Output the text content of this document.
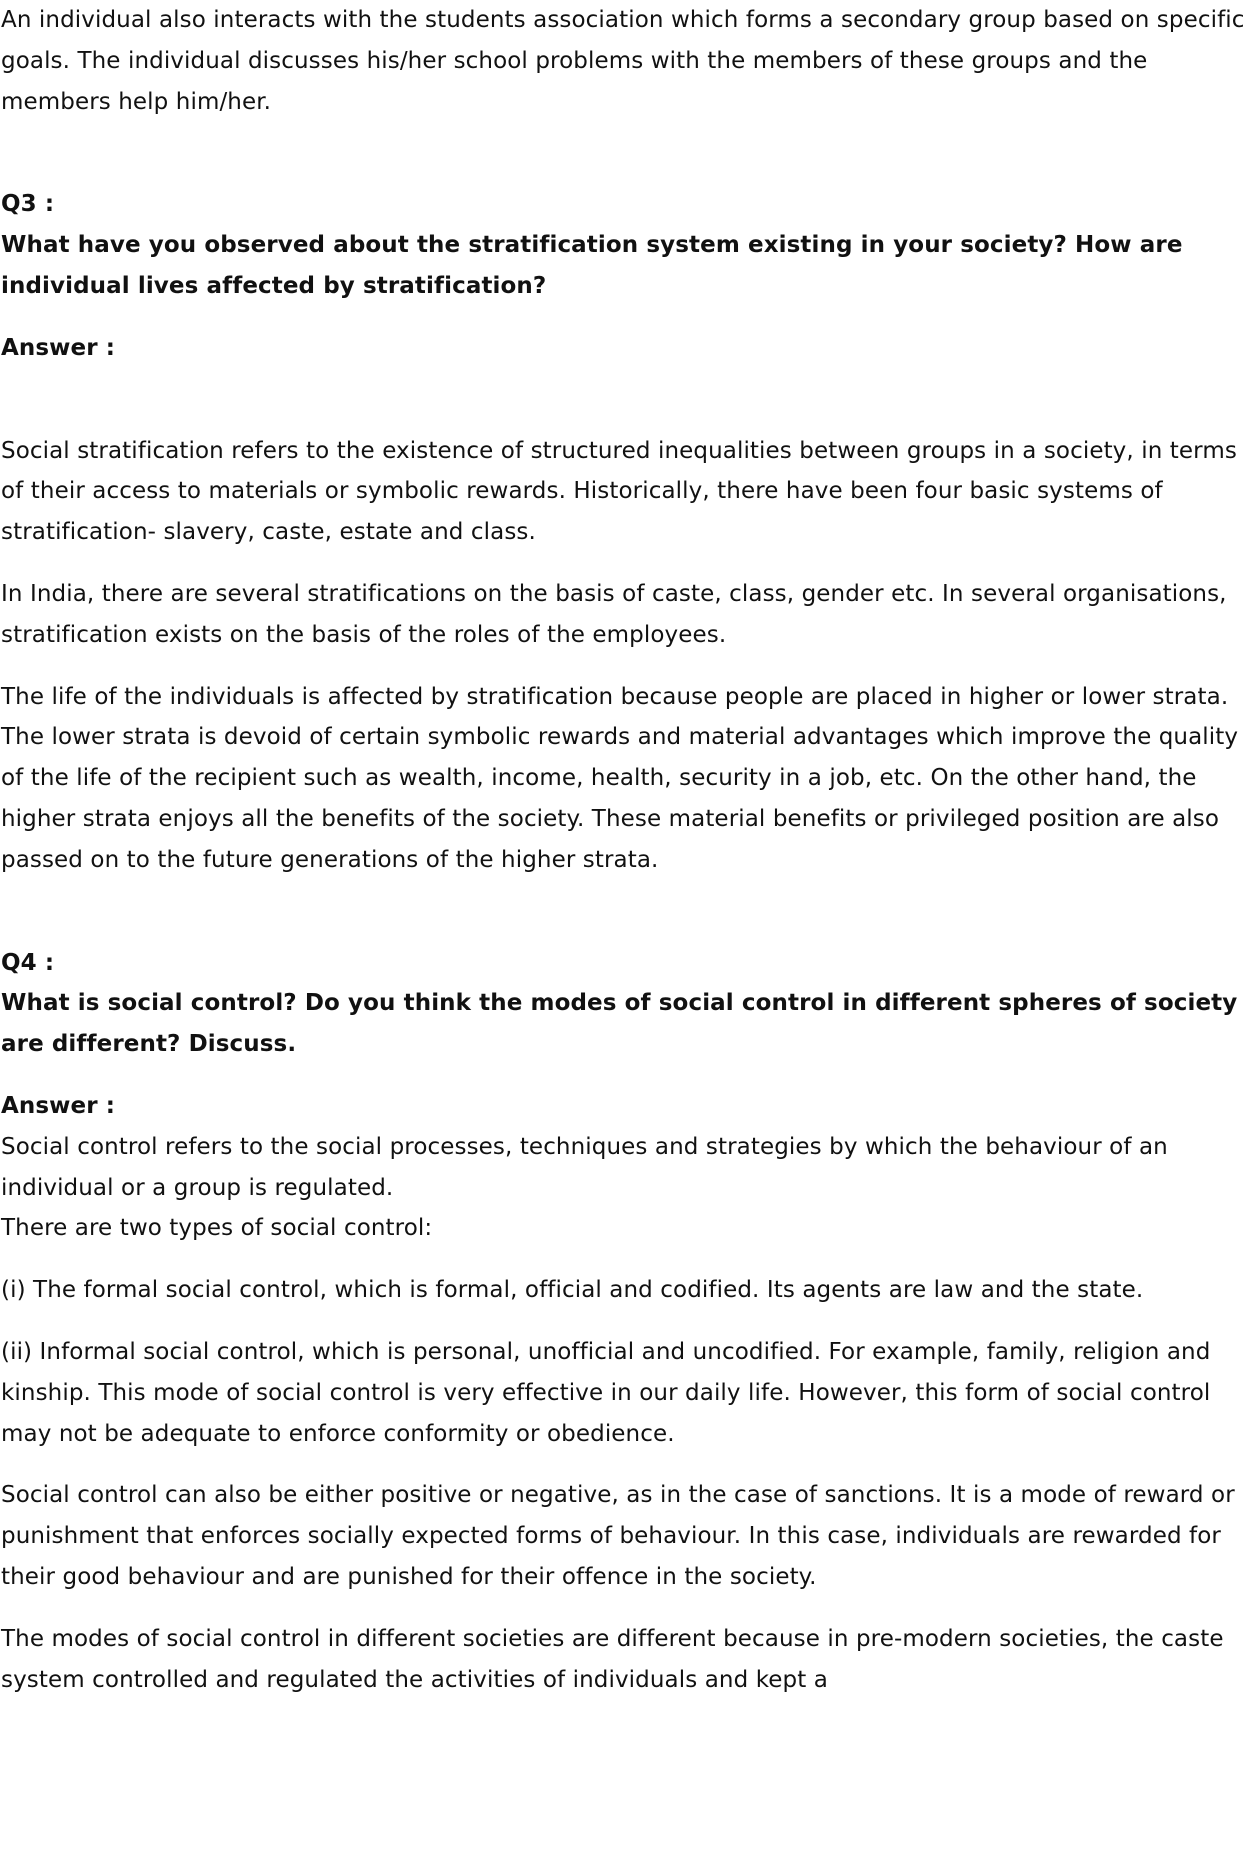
An individual also interacts with the students association which forms a secondary group based on specific goals. The individual discusses his/her school problems with the members of these groups and the members help him/her.

Q3 :

What have you observed about the stratification system existing in your society? How are individual lives affected by stratification?

Answer :

Social stratification refers to the existence of structured inequalities between groups in a society, in terms of their access to materials or symbolic rewards. Historically, there have been four basic systems of stratification- slavery, caste, estate and class.

In India, there are several stratifications on the basis of caste, class, gender etc. In several organisations, stratification exists on the basis of the roles of the employees.

The life of the individuals is affected by stratification because people are placed in higher or lower strata. The lower strata is devoid of certain symbolic rewards and material advantages which improve the quality of the life of the recipient such as wealth, income, health, security in a job, etc. On the other hand, the higher strata enjoys all the benefits of the society. These material benefits or privileged position are also passed on to the future generations of the higher strata.

Q4 :

What is social control? Do you think the modes of social control in different spheres of society are different? Discuss.

Answer :

Social control refers to the social processes, techniques and strategies by which the behaviour of an individual or a group is regulated.

There are two types of social control:

(i) The formal social control, which is formal, official and codified. Its agents are law and the state.

(ii) Informal social control, which is personal, unofficial and uncodified. For example, family, religion and kinship. This mode of social control is very effective in our daily life. However, this form of social control may not be adequate to enforce conformity or obedience.

Social control can also be either positive or negative, as in the case of sanctions. It is a mode of reward or punishment that enforces socially expected forms of behaviour. In this case, individuals are rewarded for their good behaviour and are punished for their offence in the society.

The modes of social control in different societies are different because in pre-modern societies, the caste system controlled and regulated the activities of individuals and kept a
